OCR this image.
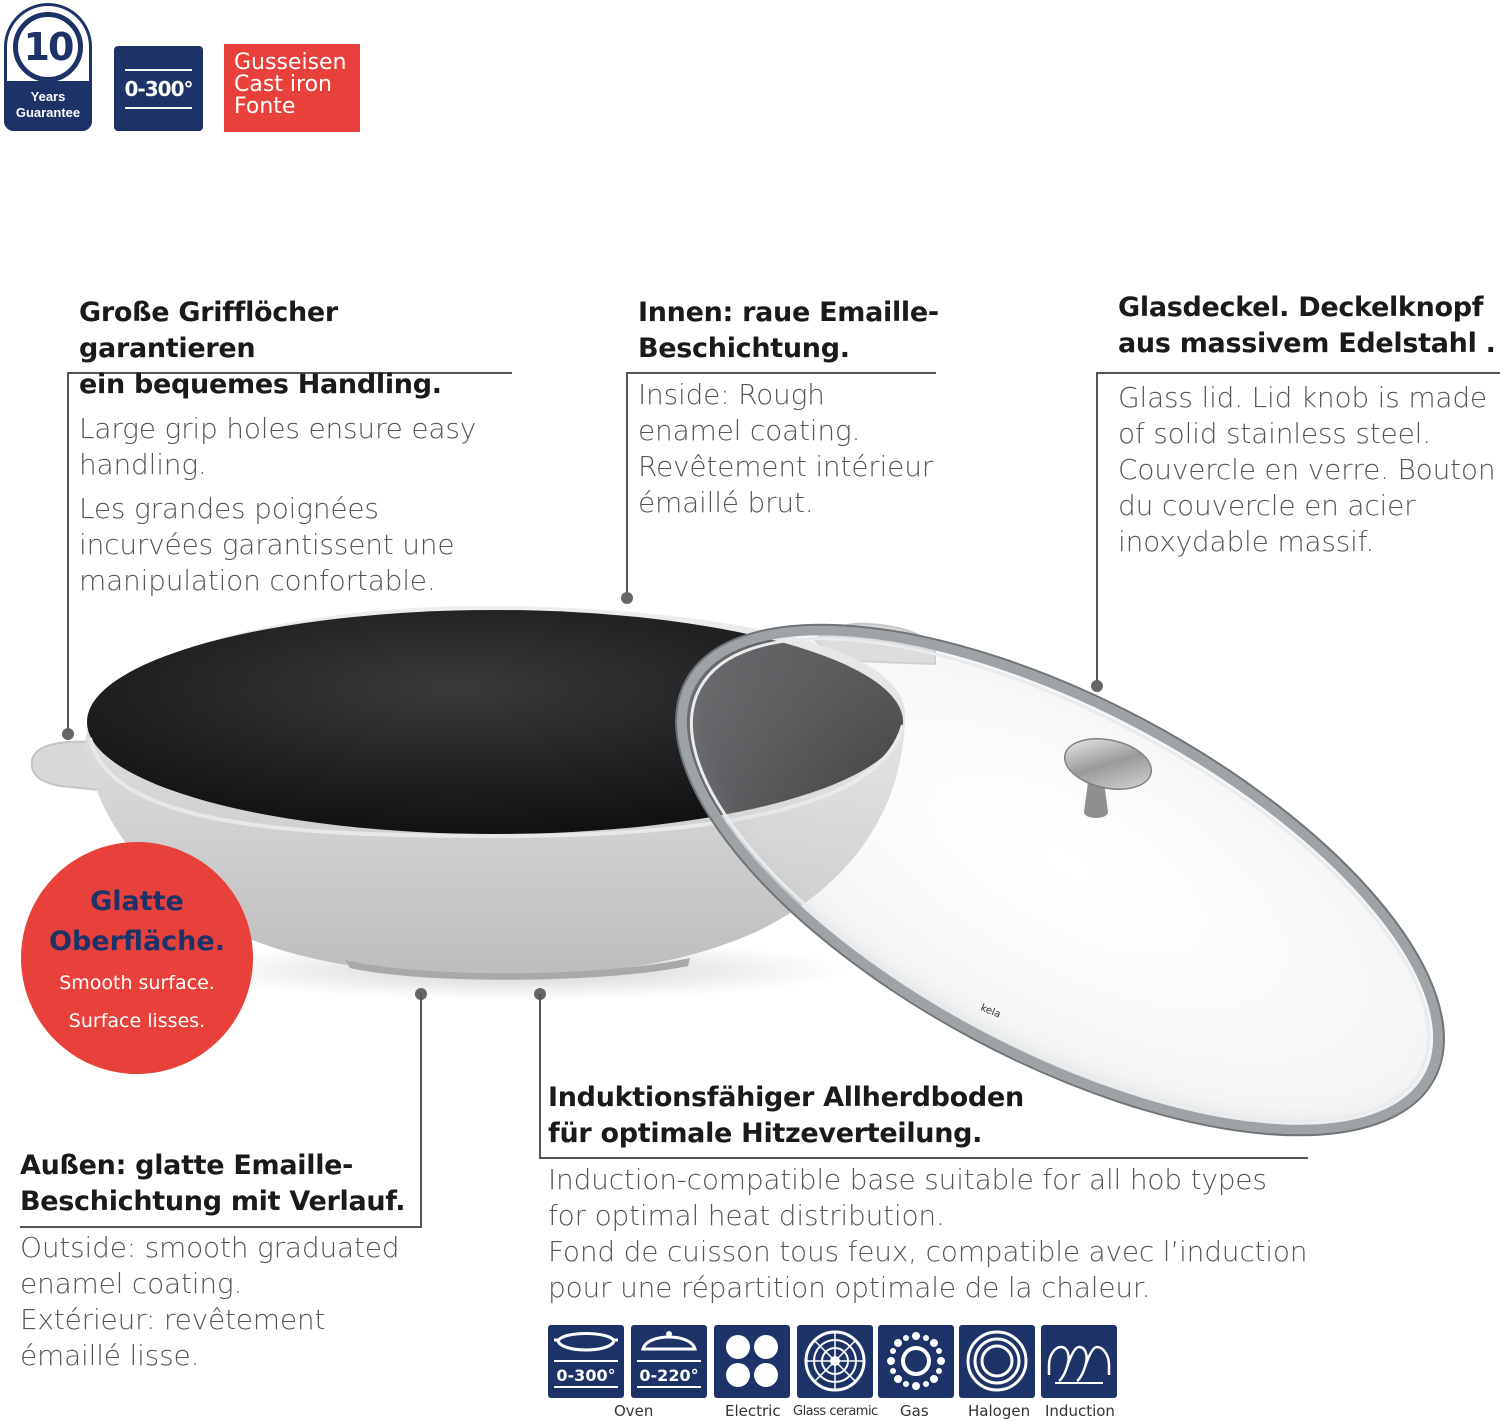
10
Years
Guarantee
0-300°
Gusseisen
Cast iron
Fonte
kela
Große Grifflöcher garantieren
ein bequemes Handling.
Large grip holes ensure easy
handling.
Les grandes poignées
incurvées garantissent une
manipulation confortable.
Innen: raue Emaille-
Beschichtung.
Inside: Rough
enamel coating.
Revêtement intérieur
émaillé brut.
Glasdeckel. Deckelknopf
aus massivem Edelstahl .
Glass lid. Lid knob is made
of solid stainless steel.
Couvercle en verre. Bouton
du couvercle en acier
inoxydable massif.
Außen: glatte Emaille-
Beschichtung mit Verlauf.
Outside: smooth graduated
enamel coating.
Extérieur: revêtement
émaillé lisse.
Induktionsfähiger Allherdboden
für optimale Hitzeverteilung.
Induction-compatible base suitable for all hob types
for optimal heat distribution.
Fond de cuisson tous feux, compatible avec l’induction
pour une répartition optimale de la chaleur.
Glatte
Oberfläche.
Smooth surface.
Surface lisses.
0-300° 0-220°
Oven	Electric Glass ceramic Gas	Halogen Induction
